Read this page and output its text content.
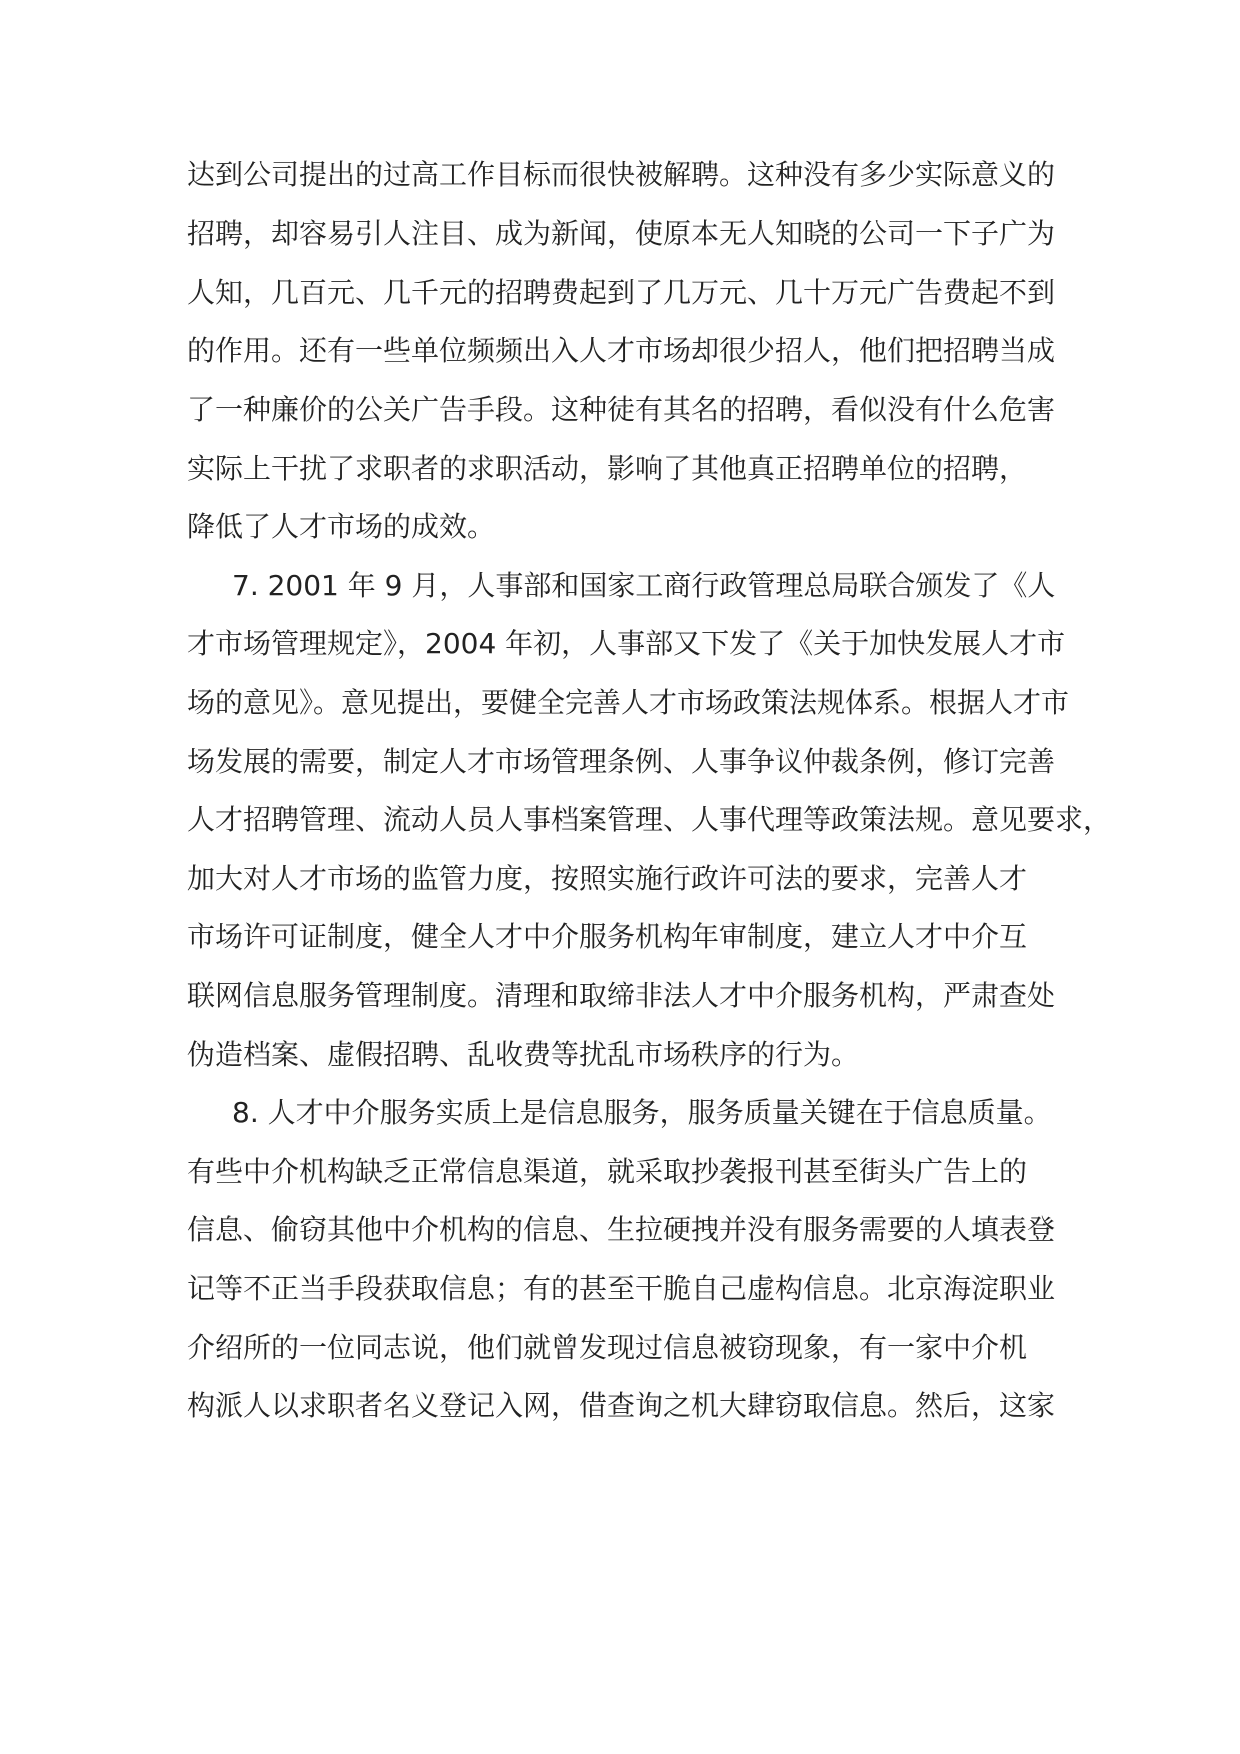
达到公司提出的过高工作目标而很快被解聘。这种没有多少实际意义的
招聘，却容易引人注目、成为新闻，使原本无人知晓的公司一下子广为
人知，几百元、几千元的招聘费起到了几万元、几十万元广告费起不到
的作用。还有一些单位频频出入人才市场却很少招人，他们把招聘当成
了一种廉价的公关广告手段。这种徒有其名的招聘，看似没有什么危害
实际上干扰了求职者的求职活动，影响了其他真正招聘单位的招聘，
降低了人才市场的成效。
7. 2001 年 9 月，人事部和国家工商行政管理总局联合颁发了《人
才市场管理规定》，2004 年初，人事部又下发了《关于加快发展人才市
场的意见》。意见提出，要健全完善人才市场政策法规体系。根据人才市
场发展的需要，制定人才市场管理条例、人事争议仲裁条例，修订完善
人才招聘管理、流动人员人事档案管理、人事代理等政策法规。意见要求，
加大对人才市场的监管力度，按照实施行政许可法的要求，完善人才
市场许可证制度，健全人才中介服务机构年审制度，建立人才中介互
联网信息服务管理制度。清理和取缔非法人才中介服务机构，严肃查处
伪造档案、虚假招聘、乱收费等扰乱市场秩序的行为。
8. 人才中介服务实质上是信息服务，服务质量关键在于信息质量。
有些中介机构缺乏正常信息渠道，就采取抄袭报刊甚至街头广告上的
信息、偷窃其他中介机构的信息、生拉硬拽并没有服务需要的人填表登
记等不正当手段获取信息；有的甚至干脆自己虚构信息。北京海淀职业
介绍所的一位同志说，他们就曾发现过信息被窃现象，有一家中介机
构派人以求职者名义登记入网，借查询之机大肆窃取信息。然后，这家
